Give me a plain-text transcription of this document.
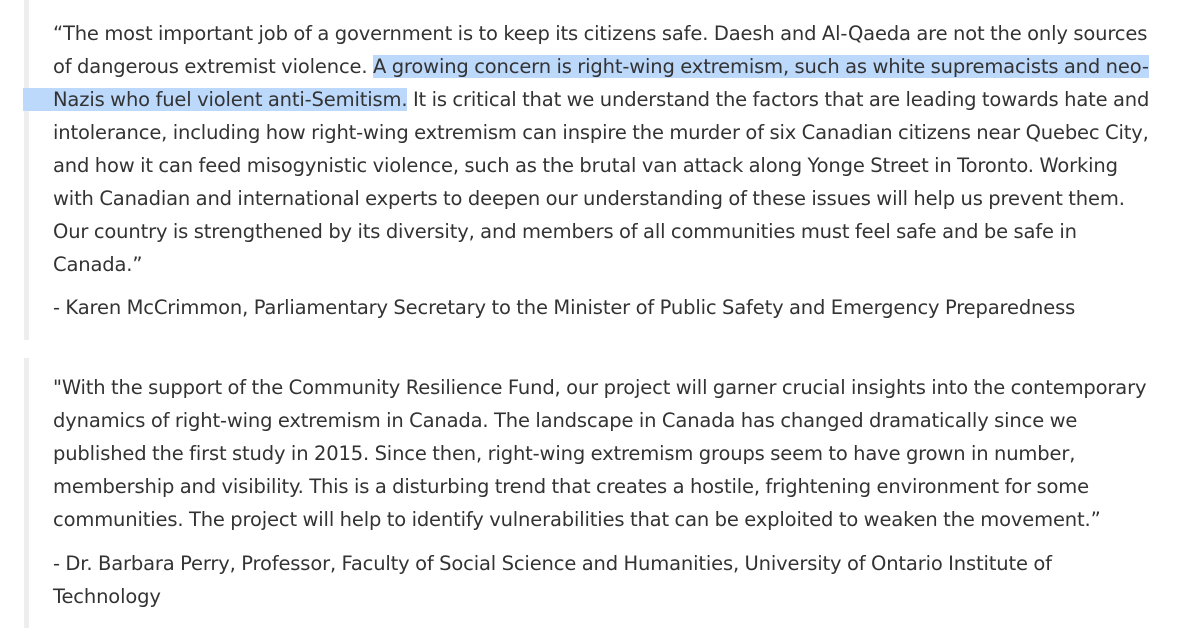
“The most important job of a government is to keep its citizens safe. Daesh and Al-Qaeda are not the only sources
of dangerous extremist violence. A growing concern is right-wing extremism, such as white supremacists and neo-
Nazis who fuel violent anti-Semitism. It is critical that we understand the factors that are leading towards hate and
intolerance, including how right-wing extremism can inspire the murder of six Canadian citizens near Quebec City,
and how it can feed misogynistic violence, such as the brutal van attack along Yonge Street in Toronto. Working
with Canadian and international experts to deepen our understanding of these issues will help us prevent them.
Our country is strengthened by its diversity, and members of all communities must feel safe and be safe in
Canada.”

- Karen McCrimmon, Parliamentary Secretary to the Minister of Public Safety and Emergency Preparedness

"With the support of the Community Resilience Fund, our project will garner crucial insights into the contemporary
dynamics of right-wing extremism in Canada. The landscape in Canada has changed dramatically since we
published the first study in 2015. Since then, right-wing extremism groups seem to have grown in number,
membership and visibility. This is a disturbing trend that creates a hostile, frightening environment for some
communities. The project will help to identify vulnerabilities that can be exploited to weaken the movement.”

- Dr. Barbara Perry, Professor, Faculty of Social Science and Humanities, University of Ontario Institute of
Technology
